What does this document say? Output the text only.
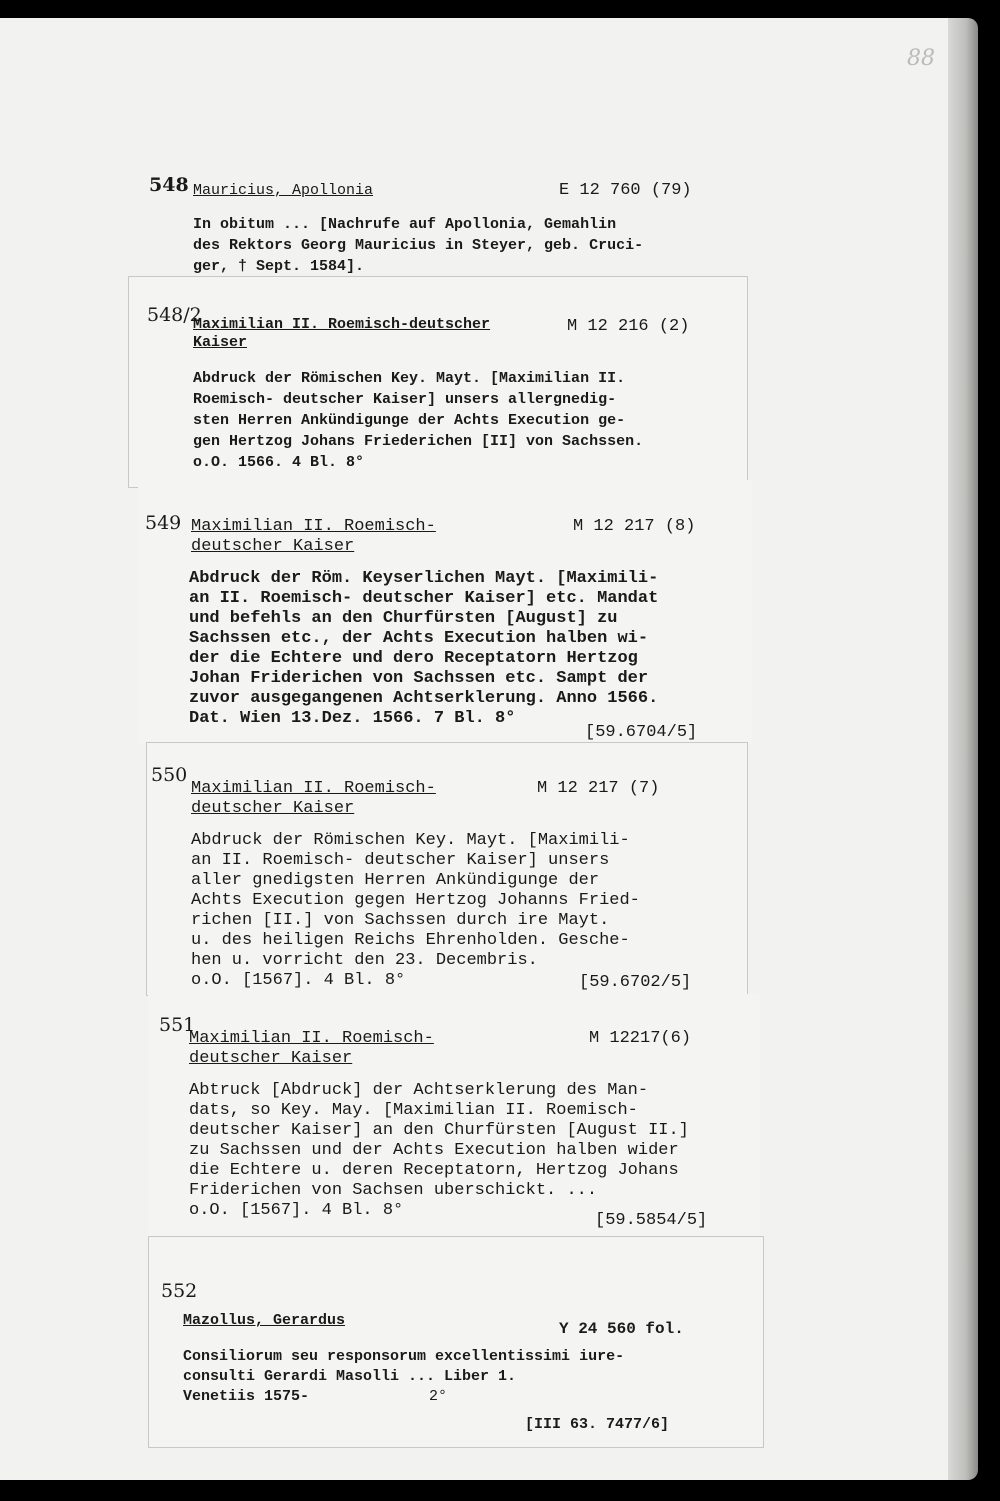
88
548 Mauricius, Apollonia	E 12 760 (79)
In obitum ... [Nachrufe auf Apollonia, Gemahlin
des Rektors Georg Mauricius in Steyer, geb. Cruci-
ger, † Sept. 1584].
548/2
Maximilian II. Roemisch-deutscher
Kaiser
M 12 216 (2)
Abdruck der Römischen Key. Mayt. [Maximilian II.
Roemisch- deutscher Kaiser] unsers allergnedig-
sten Herren Ankündigunge der Achts Execution ge-
gen Hertzog Johans Friederichen [II] von Sachssen.
o.O. 1566. 4 Bl. 8°
549 Maximilian II. Roemisch-
deutscher Kaiser
M 12 217 (8)
Abdruck der Röm. Keyserlichen Mayt. [Maximili-
an II. Roemisch- deutscher Kaiser] etc. Mandat
und befehls an den Churfürsten [August] zu
Sachssen etc., der Achts Execution halben wi-
der die Echtere und dero Receptatorn Hertzog
Johan Friderichen von Sachssen etc. Sampt der
zuvor ausgegangenen Achtserklerung. Anno 1566.
Dat. Wien 13.Dez. 1566. 7 Bl. 8°
[59.6704/5]
550
Maximilian II. Roemisch-
deutscher Kaiser
M 12 217 (7)
Abdruck der Römischen Key. Mayt. [Maximili-
an II. Roemisch- deutscher Kaiser] unsers
aller gnedigsten Herren Ankündigunge der
Achts Execution gegen Hertzog Johanns Fried-
richen [II.] von Sachssen durch ire Mayt.
u. des heiligen Reichs Ehrenholden. Gesche-
hen u. vorricht den 23. Decembris.
o.O. [1567]. 4 Bl. 8°	[59.6702/5]
551
Maximilian II. Roemisch-
deutscher Kaiser
M 12217(6)
Abtruck [Abdruck] der Achtserklerung des Man-
dats, so Key. May. [Maximilian II. Roemisch-
deutscher Kaiser] an den Churfürsten [August II.]
zu Sachssen und der Achts Execution halben wider
die Echtere u. deren Receptatorn, Hertzog Johans
Friderichen von Sachsen uberschickt. ...
o.O. [1567]. 4 Bl. 8°
[59.5854/5]
552
Mazollus, Gerardus	Y 24 560 fol.
Consiliorum seu responsorum excellentissimi iure-
consulti Gerardi Masolli ... Liber 1.
Venetiis 1575-	2°
[III 63. 7477/6]
